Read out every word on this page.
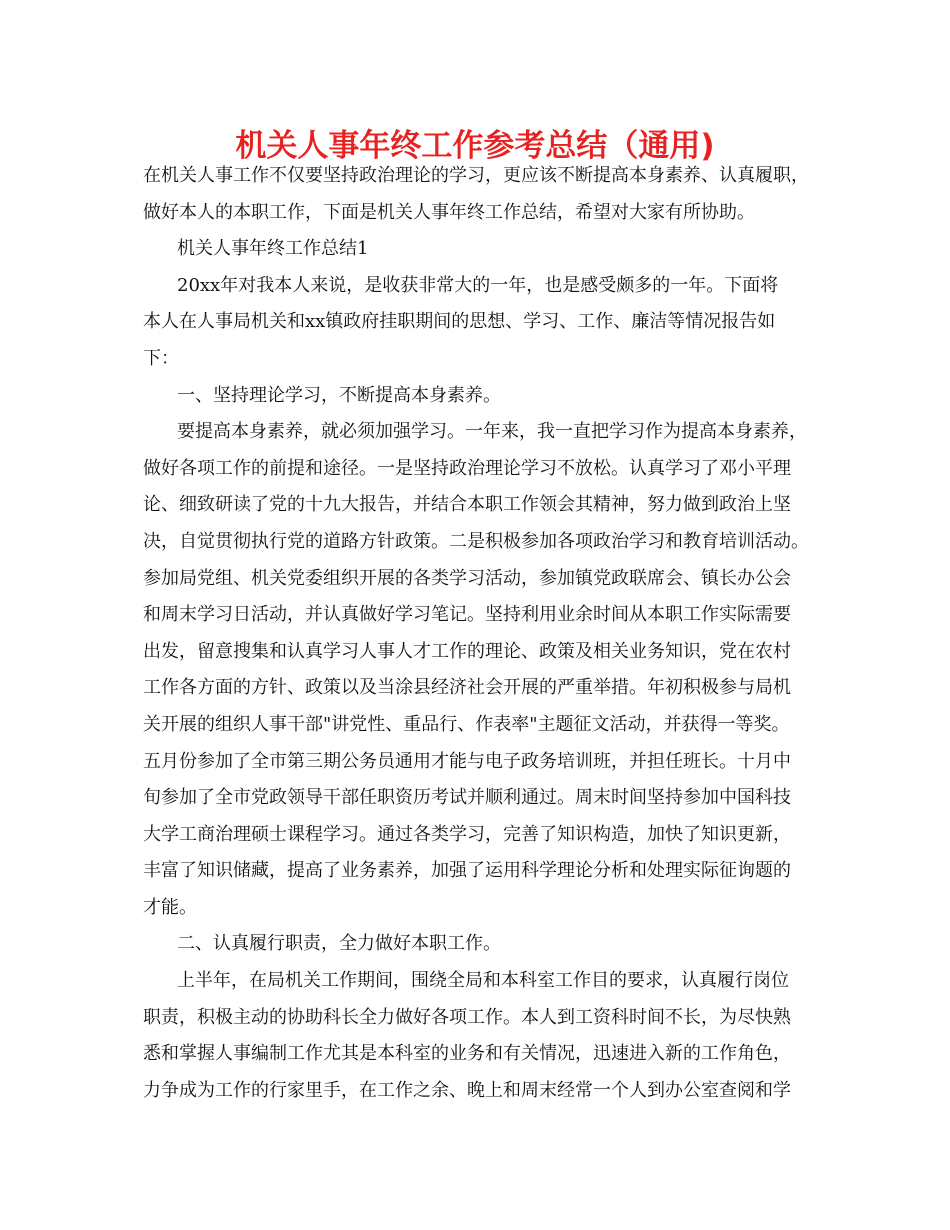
机关人事年终工作参考总结（通用)
在机关人事工作不仅要坚持政治理论的学习，更应该不断提高本身素养、认真履职，
做好本人的本职工作，下面是机关人事年终工作总结，希望对大家有所协助。
机关人事年终工作总结1
20xx年对我本人来说，是收获非常大的一年，也是感受颇多的一年。下面将
本人在人事局机关和xx镇政府挂职期间的思想、学习、工作、廉洁等情况报告如
下：
一、坚持理论学习，不断提高本身素养。
要提高本身素养，就必须加强学习。一年来，我一直把学习作为提高本身素养，
做好各项工作的前提和途径。一是坚持政治理论学习不放松。认真学习了邓小平理
论、细致研读了党的十九大报告，并结合本职工作领会其精神，努力做到政治上坚
决，自觉贯彻执行党的道路方针政策。二是积极参加各项政治学习和教育培训活动。
参加局党组、机关党委组织开展的各类学习活动，参加镇党政联席会、镇长办公会
和周末学习日活动，并认真做好学习笔记。坚持利用业余时间从本职工作实际需要
出发，留意搜集和认真学习人事人才工作的理论、政策及相关业务知识，党在农村
工作各方面的方针、政策以及当涂县经济社会开展的严重举措。年初积极参与局机
关开展的组织人事干部"讲党性、重品行、作表率"主题征文活动，并获得一等奖。
五月份参加了全市第三期公务员通用才能与电子政务培训班，并担任班长。十月中
旬参加了全市党政领导干部任职资历考试并顺利通过。周末时间坚持参加中国科技
大学工商治理硕士课程学习。通过各类学习，完善了知识构造，加快了知识更新，
丰富了知识储藏，提高了业务素养，加强了运用科学理论分析和处理实际征询题的
才能。
二、认真履行职责，全力做好本职工作。
上半年，在局机关工作期间，围绕全局和本科室工作目的要求，认真履行岗位
职责，积极主动的协助科长全力做好各项工作。本人到工资科时间不长，为尽快熟
悉和掌握人事编制工作尤其是本科室的业务和有关情况，迅速进入新的工作角色，
力争成为工作的行家里手，在工作之余、晚上和周末经常一个人到办公室查阅和学
